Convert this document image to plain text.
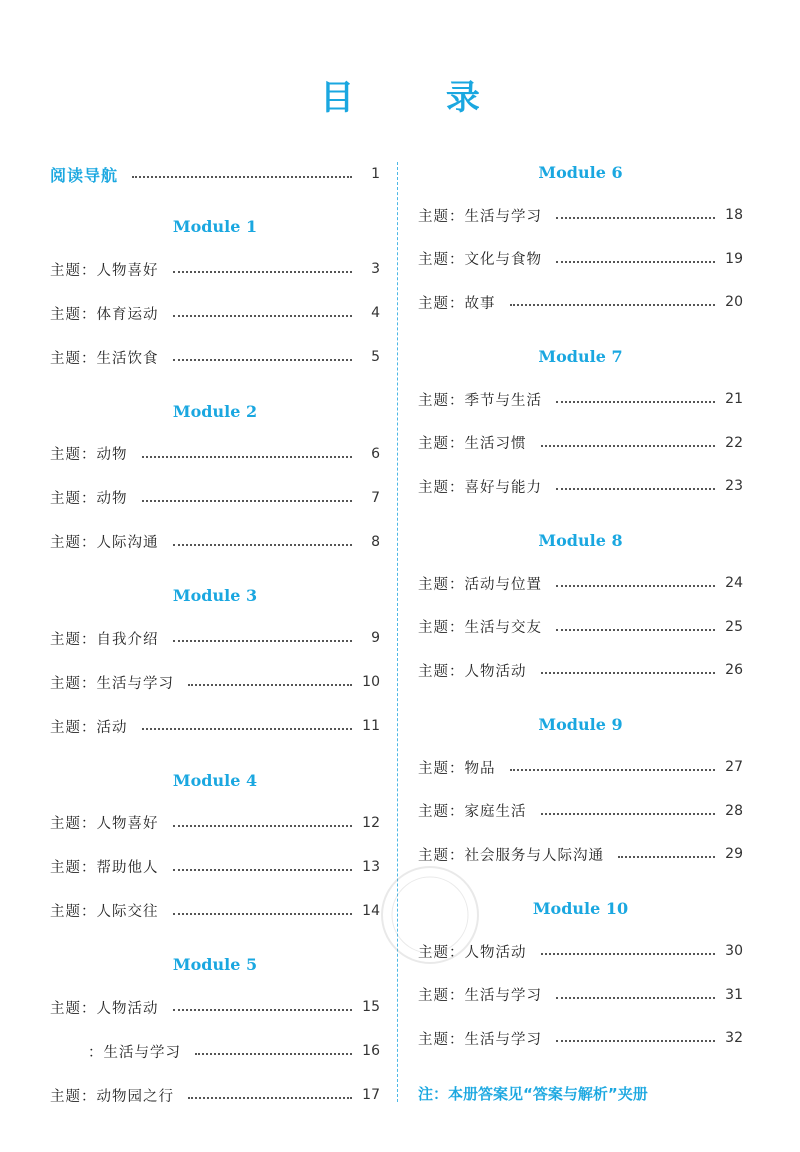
目 录
阅读导航	1
Module 1
主题：人物喜好	3
主题：体育运动	4
主题：生活饮食	5
Module 2
主题：动物	6
主题：动物	7
主题：人际沟通	8
Module 3
主题：自我介绍	9
主题：生活与学习	10
主题：活动	11
Module 4
主题：人物喜好	12
主题：帮助他人	13
主题：人际交往	14
Module 5
主题：人物活动	15
：生活与学习	16
主题：动物园之行	17
Module 6
主题：生活与学习	18
主题：文化与食物	19
主题：故事	20
Module 7
主题：季节与生活	21
主题：生活习惯	22
主题：喜好与能力	23
Module 8
主题：活动与位置	24
主题：生活与交友	25
主题：人物活动	26
Module 9
主题：物品	27
主题：家庭生活	28
主题：社会服务与人际沟通	29
Module 10
主题：人物活动	30
主题：生活与学习	31
主题：生活与学习	32
注：本册答案见“答案与解析”夹册
